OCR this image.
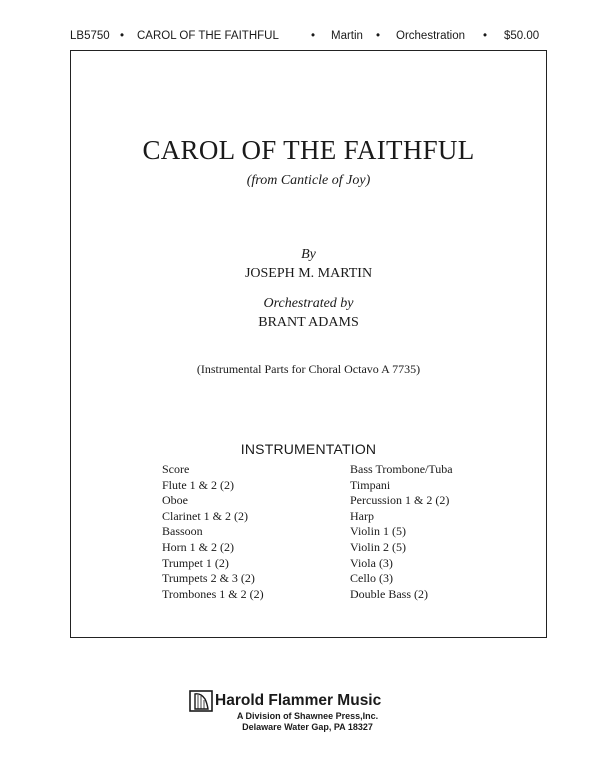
LB5750 • CAROL OF THE FAITHFUL	• Martin • Orchestration • $50.00
CAROL OF THE FAITHFUL
(from Canticle of Joy)
By
JOSEPH M. MARTIN
Orchestrated by
BRANT ADAMS
(Instrumental Parts for Choral Octavo A 7735)
INSTRUMENTATION
Score
Flute 1 & 2 (2)
Oboe
Clarinet 1 & 2 (2)
Bassoon
Horn 1 & 2 (2)
Trumpet 1 (2)
Trumpets 2 & 3 (2)
Trombones 1 & 2 (2)
Bass Trombone/Tuba
Timpani
Percussion 1 & 2 (2)
Harp
Violin 1 (5)
Violin 2 (5)
Viola (3)
Cello (3)
Double Bass (2)
Harold Flammer Music
A Division of Shawnee Press,Inc.
Delaware Water Gap, PA 18327
